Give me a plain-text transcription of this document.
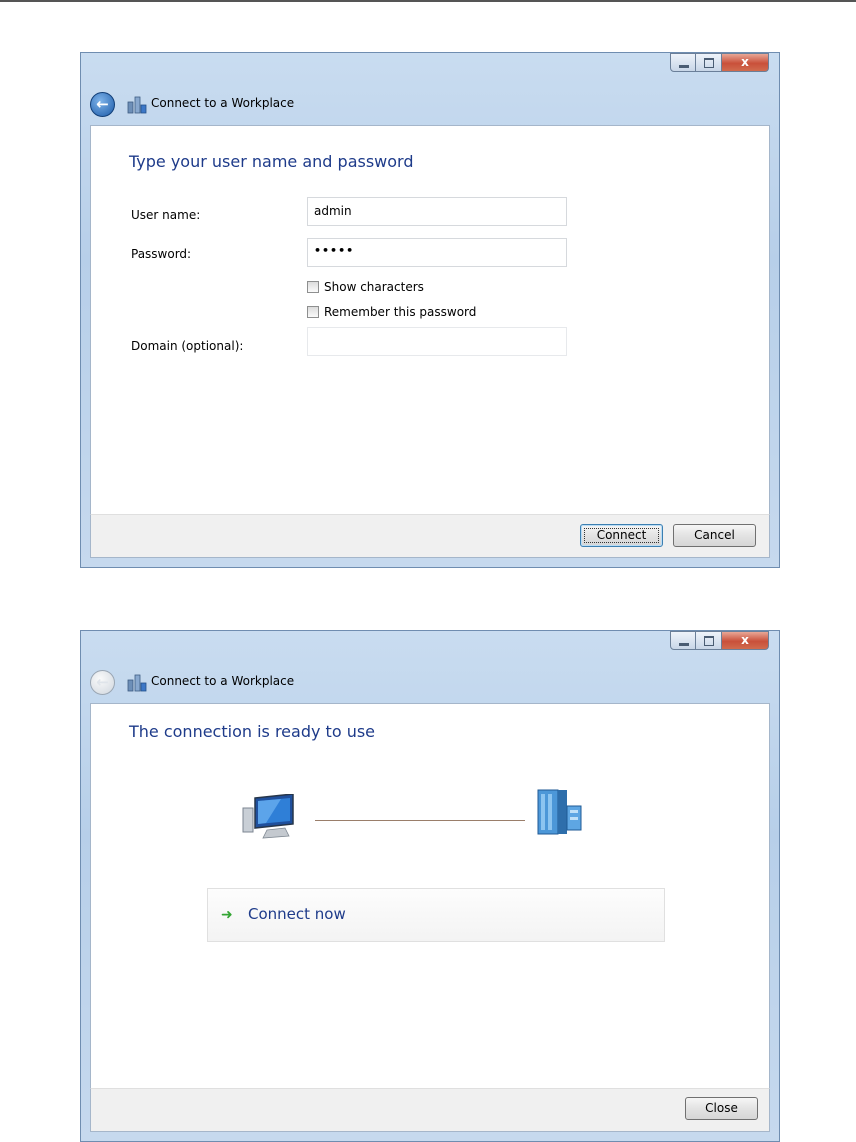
x
←	Connect to a Workplace
Type your user name and password
User name:	admin
Password:	•••••
Show characters
Remember this password
Domain (optional):
Connect	Cancel
x
←	Connect to a Workplace
The connection is ready to use
➜ Connect now
Close
